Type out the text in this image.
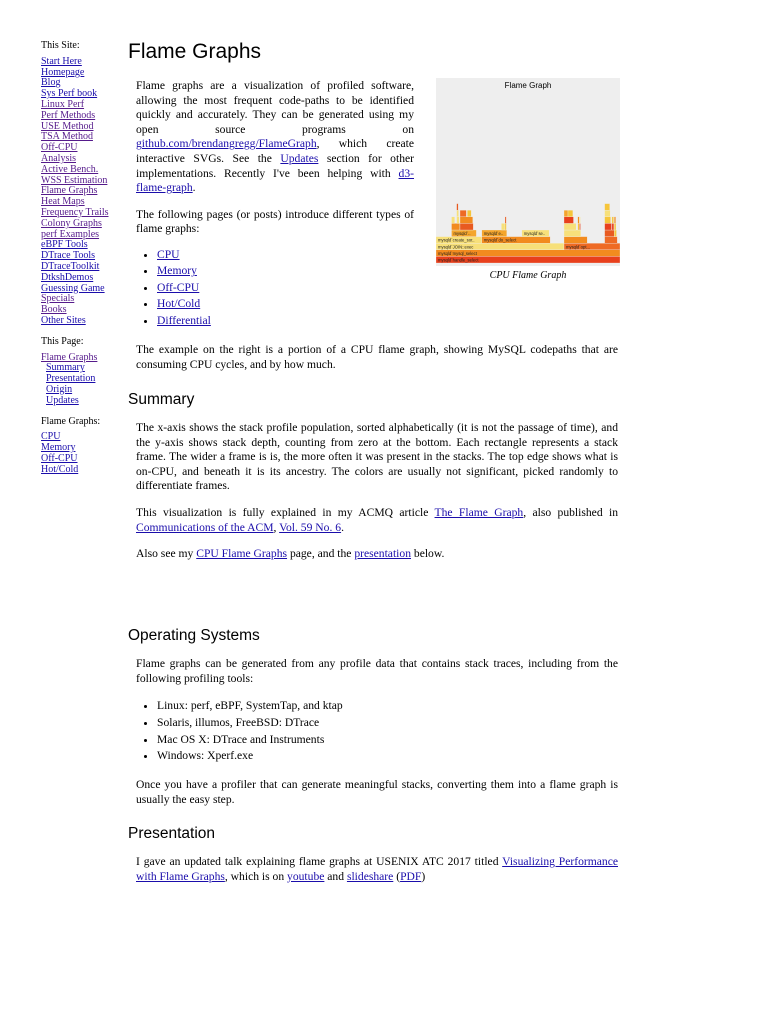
This Site:
Start Here
Homepage
Blog
Sys Perf book
Linux Perf
Perf Methods
USE Method
TSA Method
Off-CPU Analysis
Active Bench.
WSS Estimation
Flame Graphs
Heat Maps
Frequency Trails
Colony Graphs
perf Examples
eBPF Tools
DTrace Tools
DTraceToolkit
DtkshDemos
Guessing Game
Specials
Books
Other Sites
This Page:
Flame Graphs
Summary
Presentation
Origin
Updates
Flame Graphs:
CPU
Memory
Off-CPU
Hot/Cold
Flame Graphs
Flame Graph
mysqld`handle_select
mysqld`mysql_select
mysqld`JOIN::exec
mysqld`create_sor..
mysqld`..
mysqld`do_select
mysqld`e..	mysqld`se..
mysqld`opt...
CPU Flame Graph

Flame graphs are a visualization of profiled software, allowing the most frequent code-paths to be identified quickly and accurately. They can be generated using my open source programs on github.com/brendangregg/FlameGraph, which create interactive SVGs. See the Updates section for other implementations. Recently I've been helping with d3-flame-graph.

The following pages (or posts) introduce different types of flame graphs:

• CPU
• Memory
• Off-CPU
• Hot/Cold
• Differential

The example on the right is a portion of a CPU flame graph, showing MySQL codepaths that are consuming CPU cycles, and by how much.

Summary

The x-axis shows the stack profile population, sorted alphabetically (it is not the passage of time), and the y-axis shows stack depth, counting from zero at the bottom. Each rectangle represents a stack frame. The wider a frame is is, the more often it was present in the stacks. The top edge shows what is on-CPU, and beneath it is its ancestry. The colors are usually not significant, picked randomly to differentiate frames.

This visualization is fully explained in my ACMQ article The Flame Graph, also published in Communications of the ACM, Vol. 59 No. 6.

Also see my CPU Flame Graphs page, and the presentation below.

Operating Systems

Flame graphs can be generated from any profile data that contains stack traces, including from the following profiling tools:

• Linux: perf, eBPF, SystemTap, and ktap
• Solaris, illumos, FreeBSD: DTrace
• Mac OS X: DTrace and Instruments
• Windows: Xperf.exe

Once you have a profiler that can generate meaningful stacks, converting them into a flame graph is usually the easy step.

Presentation

I gave an updated talk explaining flame graphs at USENIX ATC 2017 titled Visualizing Performance with Flame Graphs, which is on youtube and slideshare (PDF)
